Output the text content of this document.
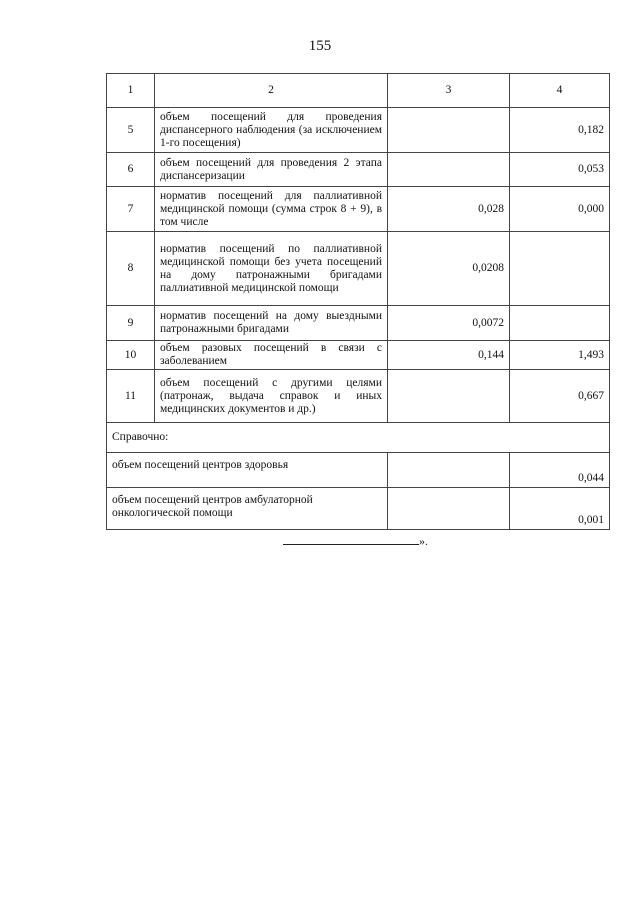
155
1	2	3	4
5	объем посещений для проведения диспансерного наблюдения (за исключением 1-го посещения)		0,182
6	объем посещений для проведения 2 этапа диспансеризации		0,053
7	норматив посещений для паллиативной медицинской помощи (сумма строк 8 + 9), в том числе	0,028	0,000
8	норматив посещений по паллиативной медицинской помощи без учета посещений на дому патронажными бригадами паллиативной медицинской помощи	0,0208	
9	норматив посещений на дому выездными патронажными бригадами	0,0072	
10	объем разовых посещений в связи с заболеванием	0,144	1,493
11	объем посещений с другими целями (патронаж, выдача справок и иных медицинских документов и др.)		0,667
Справочно:			
объем посещений центров здоровья			0,044
объем посещений центров амбулаторной онкологической помощи			0,001
».
